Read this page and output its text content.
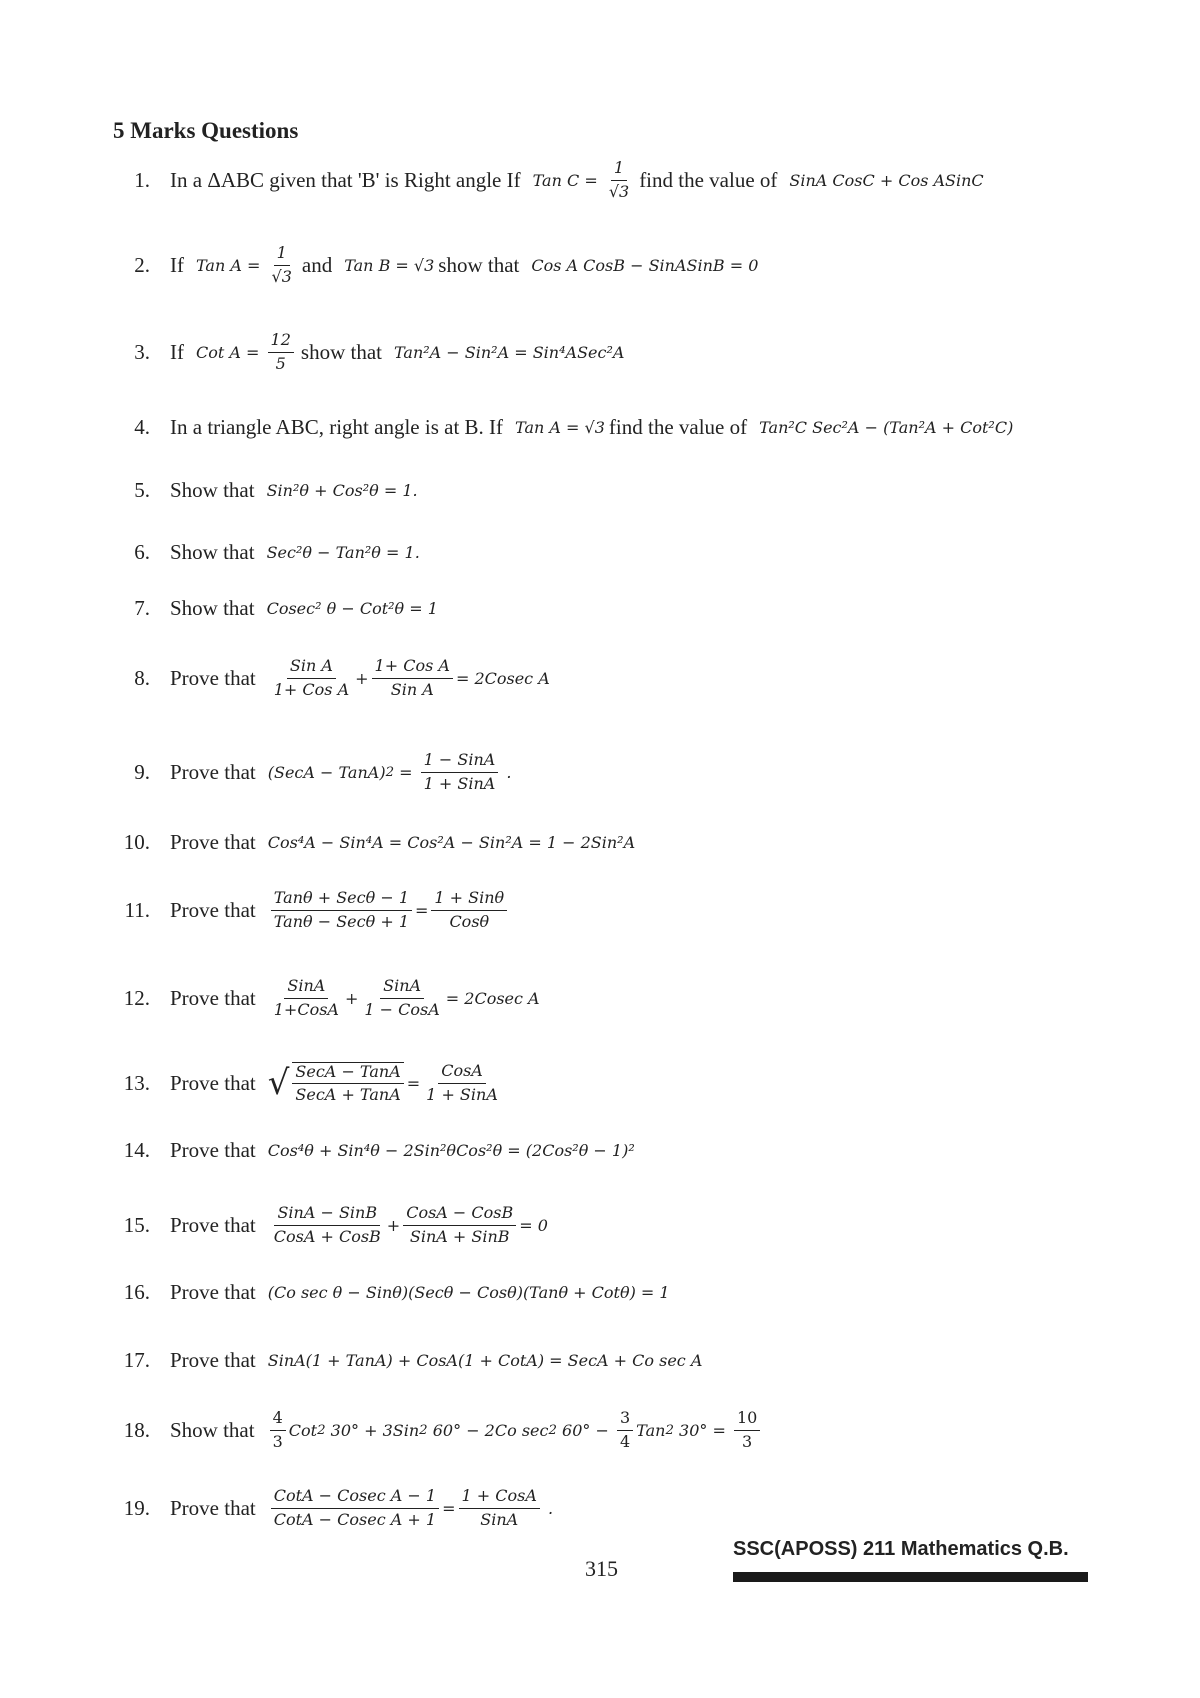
5 Marks Questions
1. In a ΔABC given that 'B' is Right angle If Tan $C = \frac{1}{√3}$ find the value of SinA CosC + Cos ASinC
2. If Tan $A = \frac{1}{√3}$ and Tan B = √3 show that Cos A CosB − SinASinB = 0
3. If Cot $A = \frac{12}{5}$ show that Tan²A − Sin²A = Sin⁴ASec²A
4. In a triangle ABC, right angle is at B. If Tan A = √3 find the value of Tan²C Sec²A − (Tan²A + Cot²C)
5. Show that Sin²θ + Cos²θ = 1.
6. Show that Sec²θ − Tan²θ = 1.
7. Show that Cosec² θ − Cot²θ = 1
8. Prove that $\frac{\text{Sin A}}{\text{1+ Cos A}} + \frac{\text{1+ Cos A}}{\text{Sin A}} = 2Cosec$ A
9. Prove that (SecA − TanA) $2 = \frac{\text{1 − SinA}}{\text{1 + SinA}}$ .
10. Prove that Cos⁴A − Sin⁴A = Cos²A − Sin²A = 1 − 2Sin²A
11. Prove that $\frac{\text{Tanθ + Secθ − 1}}{\text{Tanθ − Secθ + 1}} = \frac{\text{1 + Sinθ}}{\text{Cosθ}}$
12. Prove that $\frac{\text{SinA}}{\text{1+CosA}} + \frac{\text{SinA}}{\text{1 − CosA}} = 2Cosec$ A
13. Prove that √ $\frac{\text{SecA − TanA}}{\text{SecA + TanA}} = \frac{\text{CosA}}{\text{1 + SinA}}$
14. Prove that Cos⁴θ + Sin⁴θ − 2Sin²θCos²θ = (2Cos²θ − 1)²
15. Prove that $\frac{\text{SinA − SinB}}{\text{CosA + CosB}} + \frac{\text{CosA − CosB}}{\text{SinA + SinB}} = 0$
16. Prove that (Co sec θ − Sinθ)(Secθ − Cosθ)(Tanθ + Cotθ) = 1
17. Prove that SinA(1 + TanA) + CosA(1 + CotA) = SecA + Co sec A
18. Show that $\frac{4}{3}$ Cot 2 30° + 3Sin 2 60° − 2Co sec 2 $60^\circ - \frac{3}{4}$ Tan 2 $30^\circ = \frac{10}{3}$
19. Prove that $\frac{\text{CotA − Cosec A − 1}}{\text{CotA − Cosec A + 1}} = \frac{\text{1 + CosA}}{\text{SinA}}$ .
315
SSC(APOSS) 211 Mathematics Q.B.
